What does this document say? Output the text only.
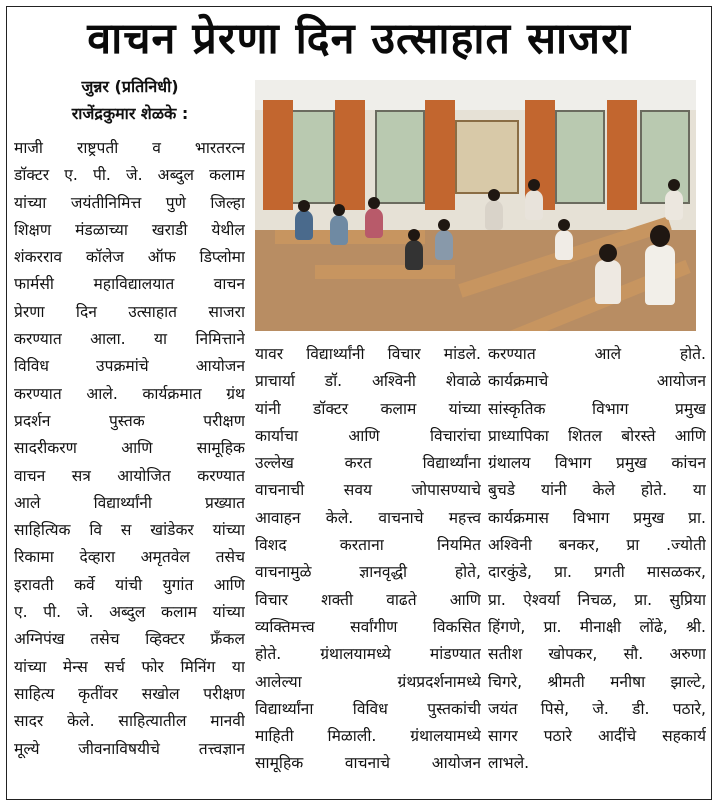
वाचन प्रेरणा दिन उत्साहात साजरा
जुन्नर (प्रतिनिधी)
राजेंद्रकुमार शेळके :
माजी राष्ट्रपती व भारतरत्न
डॉक्टर ए. पी. जे. अब्दुल कलाम
यांच्या जयंतीनिमित्त पुणे जिल्हा
शिक्षण मंडळाच्या खराडी येथील
शंकरराव कॉलेज ऑफ डिप्लोमा
फार्मसी महाविद्यालयात वाचन
प्रेरणा दिन उत्साहात साजरा
करण्यात आला. या निमित्ताने
विविध उपक्रमांचे आयोजन
करण्यात आले. कार्यक्रमात ग्रंथ
प्रदर्शन पुस्तक परीक्षण
सादरीकरण आणि सामूहिक
वाचन सत्र आयोजित करण्यात
आले विद्यार्थ्यांनी प्रख्यात
साहित्यिक वि स खांडेकर यांच्या
रिकामा देव्हारा अमृतवेल तसेच
इरावती कर्वे यांची युगांत आणि
ए. पी. जे. अब्दुल कलाम यांच्या
अग्निपंख तसेच व्हिक्टर फ्रँकल
यांच्या मेन्स सर्च फोर मिनिंग या
साहित्य कृतींवर सखोल परीक्षण
सादर केले. साहित्यातील मानवी
मूल्ये जीवनाविषयीचे तत्त्वज्ञान
यावर विद्यार्थ्यांनी विचार मांडले.
प्राचार्या डॉ. अश्विनी शेवाळे
यांनी डॉक्टर कलाम यांच्या
कार्याचा आणि विचारांचा
उल्लेख करत विद्यार्थ्यांना
वाचनाची सवय जोपासण्याचे
आवाहन केले. वाचनाचे महत्त्व
विशद करताना नियमित
वाचनामुळे ज्ञानवृद्धी होते,
विचार शक्ती वाढते आणि
व्यक्तिमत्त्व सर्वांगीण विकसित
होते. ग्रंथालयामध्ये मांडण्यात
आलेल्या ग्रंथप्रदर्शनामध्ये
विद्यार्थ्यांना विविध पुस्तकांची
माहिती मिळाली. ग्रंथालयामध्ये
सामूहिक वाचनाचे आयोजन
करण्यात आले होते.
कार्यक्रमाचे आयोजन
सांस्कृतिक विभाग प्रमुख
प्राध्यापिका शितल बोरस्ते आणि
ग्रंथालय विभाग प्रमुख कांचन
बुचडे यांनी केले होते. या
कार्यक्रमास विभाग प्रमुख प्रा.
अश्विनी बनकर, प्रा .ज्योती
दारकुंडे, प्रा. प्रगती मासळकर,
प्रा. ऐश्वर्या निचळ, प्रा. सुप्रिया
हिंगणे, प्रा. मीनाक्षी लोंढे, श्री.
सतीश खोपकर, सौ. अरुणा
चिगरे, श्रीमती मनीषा झाल्टे,
जयंत पिसे, जे. डी. पठारे,
सागर पठारे आदींचे सहकार्य
लाभले.
